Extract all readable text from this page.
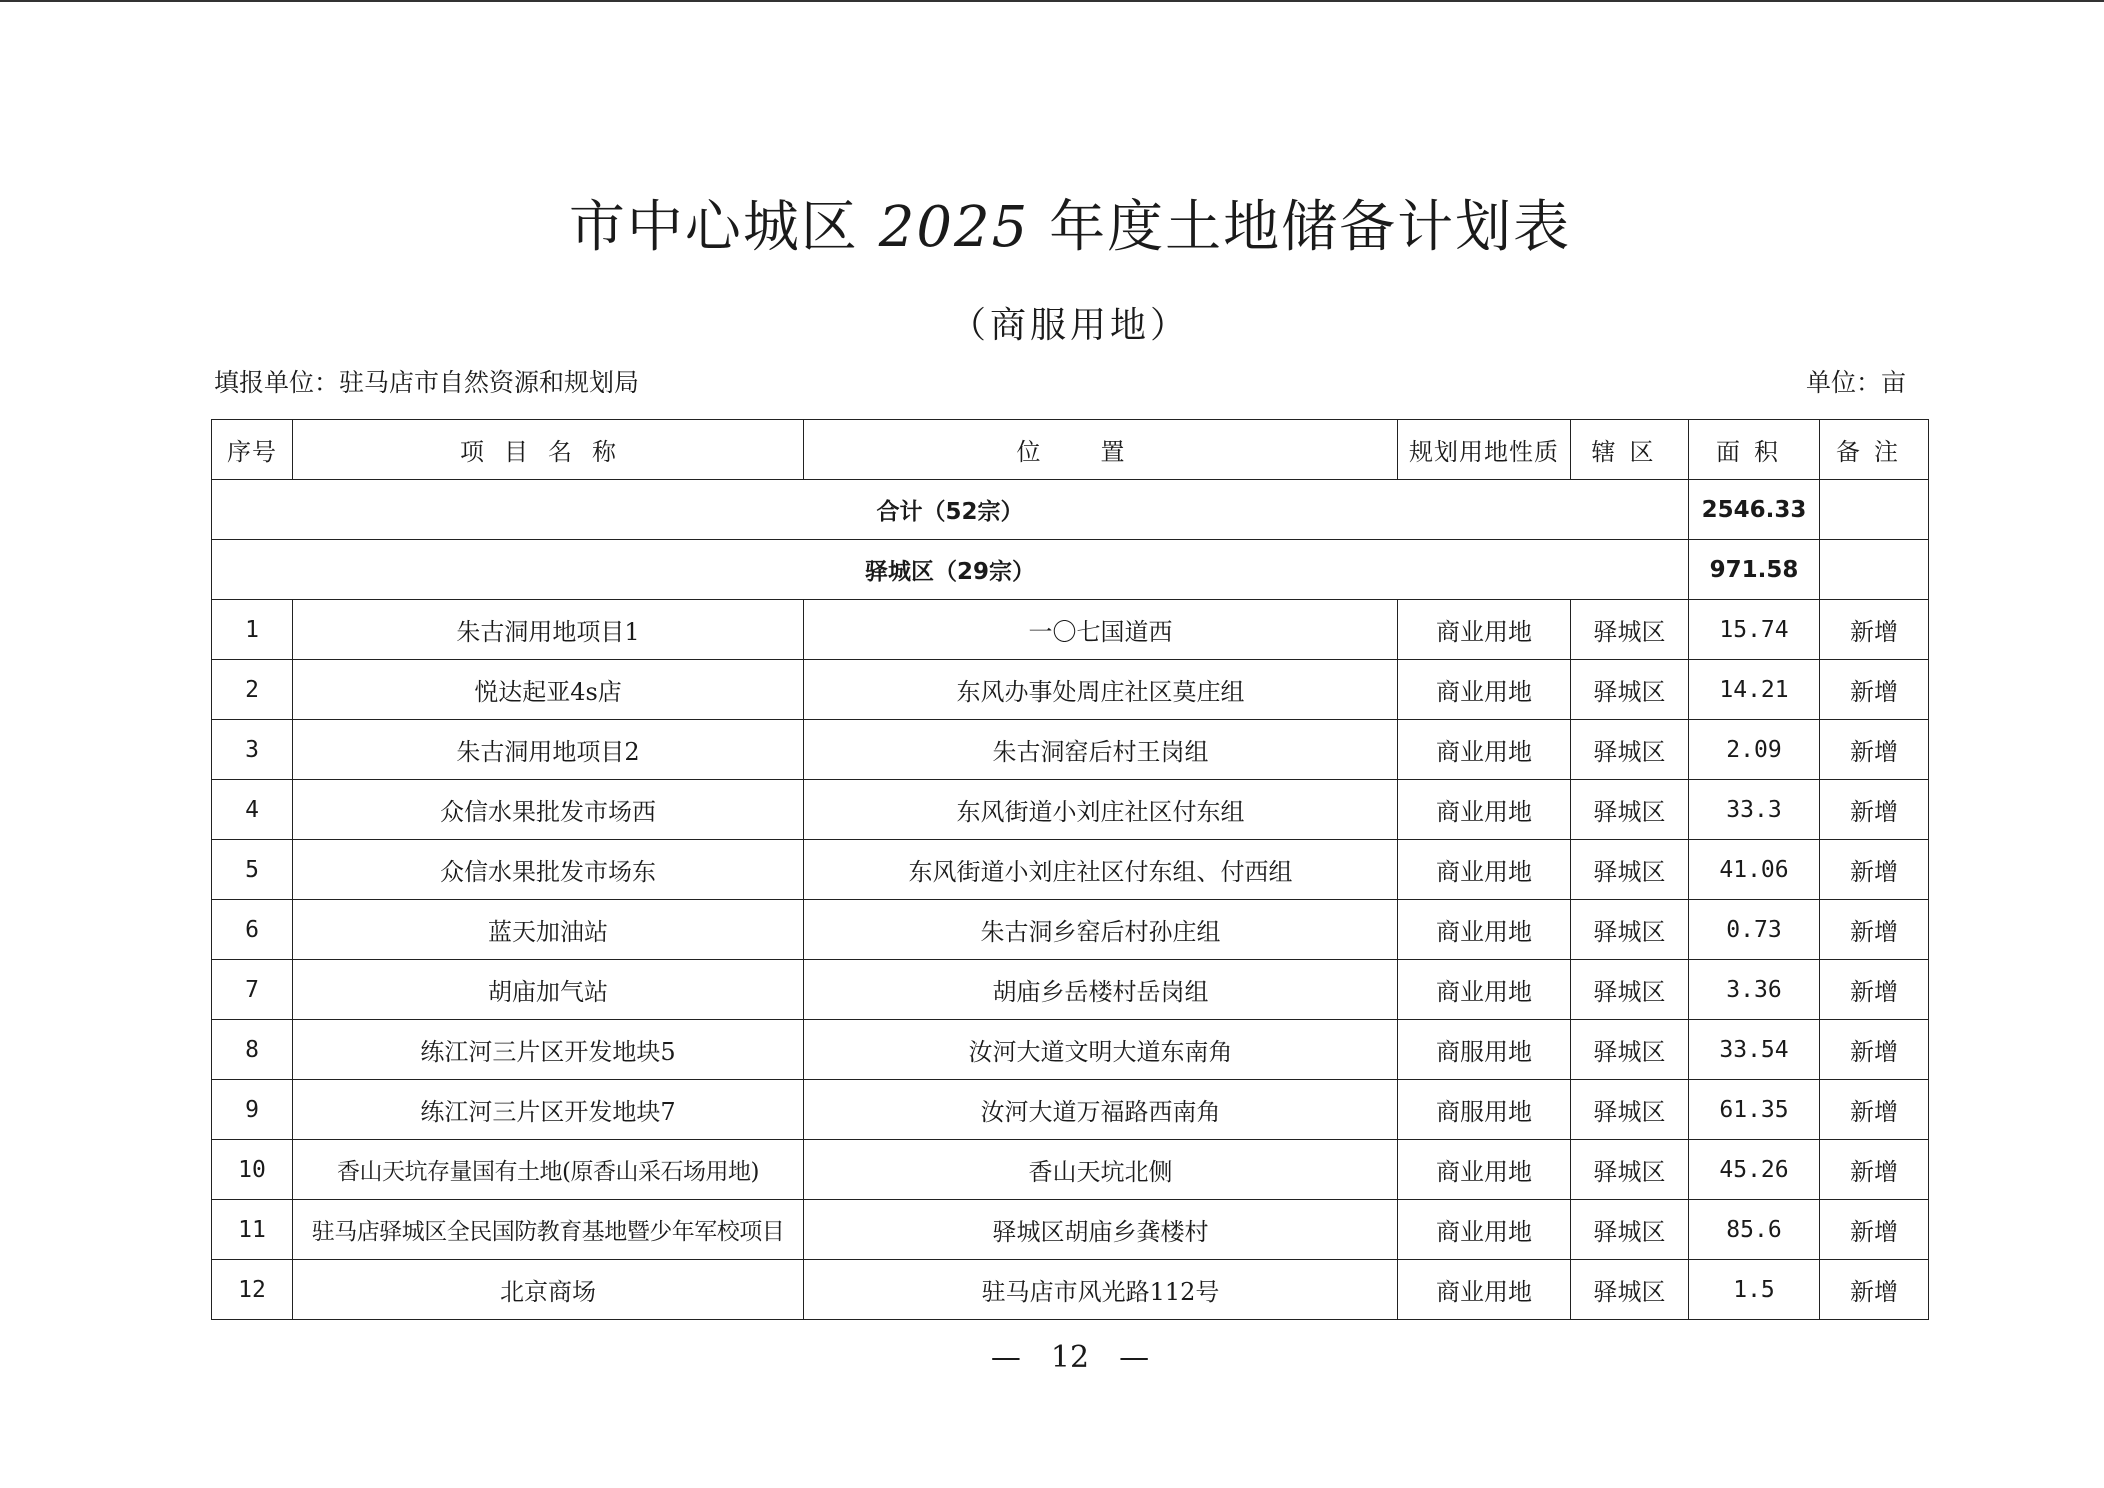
市中心城区 2025 年度土地储备计划表
（商服用地）
填报单位：驻马店市自然资源和规划局	单位：亩
序号	项目名称	位置	规划用地性质	辖区	面积	备注
合计（52宗）					2546.33	
驿城区（29宗）					971.58	
1	朱古洞用地项目1	一〇七国道西	商业用地	驿城区	15.74	新增
2	悦达起亚4s店	东风办事处周庄社区莫庄组	商业用地	驿城区	14.21	新增
3	朱古洞用地项目2	朱古洞窑后村王岗组	商业用地	驿城区	2.09	新增
4	众信水果批发市场西	东风街道小刘庄社区付东组	商业用地	驿城区	33.3	新增
5	众信水果批发市场东	东风街道小刘庄社区付东组、付西组	商业用地	驿城区	41.06	新增
6	蓝天加油站	朱古洞乡窑后村孙庄组	商业用地	驿城区	0.73	新增
7	胡庙加气站	胡庙乡岳楼村岳岗组	商业用地	驿城区	3.36	新增
8	练江河三片区开发地块5	汝河大道文明大道东南角	商服用地	驿城区	33.54	新增
9	练江河三片区开发地块7	汝河大道万福路西南角	商服用地	驿城区	61.35	新增
10	香山天坑存量国有土地(原香山采石场用地)	香山天坑北侧	商业用地	驿城区	45.26	新增
11	驻马店驿城区全民国防教育基地暨少年军校项目	驿城区胡庙乡龚楼村	商业用地	驿城区	85.6	新增
12	北京商场	驻马店市风光路112号	商业用地	驿城区	1.5	新增
—　12　—
